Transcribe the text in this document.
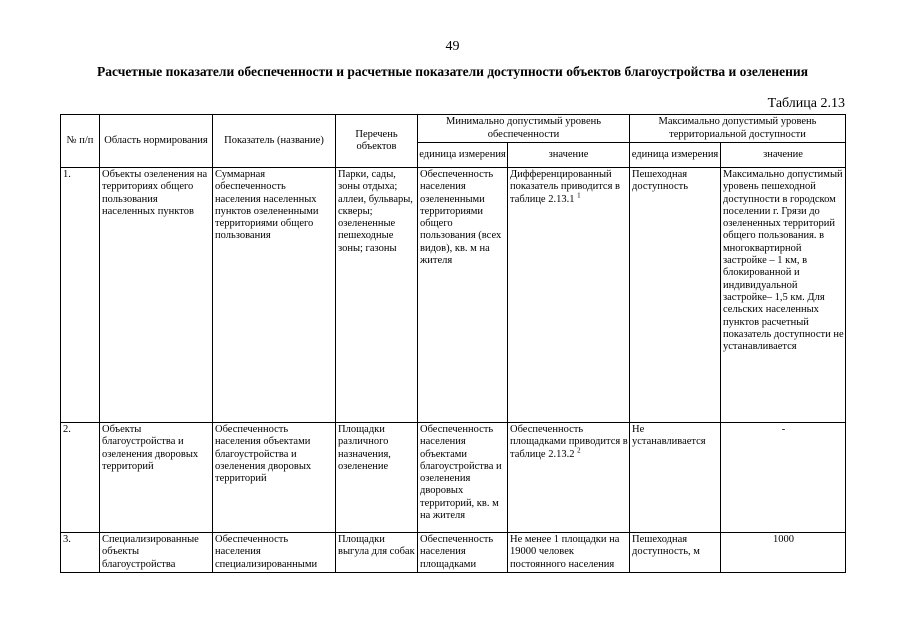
49
Расчетные показатели обеспеченности и расчетные показатели доступности объектов благоустройства и озеленения
Таблица 2.13
№ п/п	Область нормирования	Показатель (название)	Перечень объектов	Минимально допустимый уровень обеспеченности		Максимально допустимый уровень территориальной доступности	
				единица измерения	значение	единица измерения	значение
1.	Объекты озеленения на территориях общего пользования населенных пунктов	Суммарная обеспеченность населения населенных пунктов озелененными территориями общего пользования	Парки, сады, зоны отдыха; аллеи, бульвары, скверы; озелененные пешеходные зоны; газоны	Обеспеченность населения озелененными территориями общего пользования (всех видов), кв. м на жителя	Дифференцированный показатель приводится в таблице 2.13.1 $^1$	Пешеходная доступность	Максимально допустимый уровень пешеходной доступности в городском поселении г. Грязи до озелененных территорий общего пользования. в многоквартирной застройке – 1 км, в блокированной и индивидуальной застройке– 1,5 км. Для сельских населенных пунктов расчетный показатель доступности не устанавливается
2.	Объекты благоустройства и озеленения дворовых территорий	Обеспеченность населения объектами благоустройства и озеленения дворовых территорий	Площадки различного назначения, озеленение	Обеспеченность населения объектами благоустройства и озеленения дворовых территорий, кв. м на жителя	Обеспеченность площадками приводится в таблице 2.13.2 $^2$	Не устанавливается	-
3.	Специализированные объекты благоустройства	Обеспеченность населения специализированными	Площадки выгула для собак	Обеспеченность населения площадками	Не менее 1 площадки на 19000 человек постоянного населения	Пешеходная доступность, м	1000
